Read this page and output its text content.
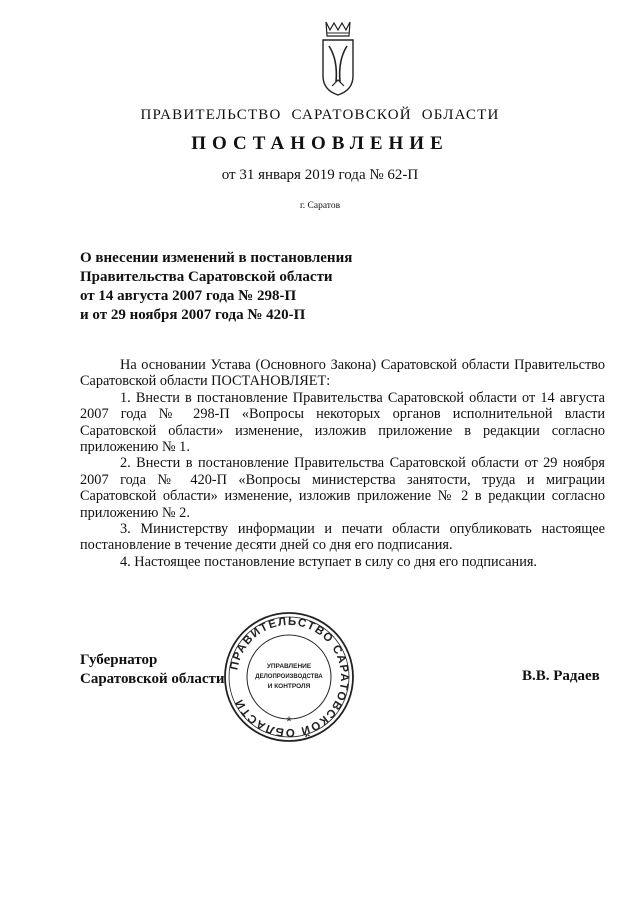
ПРАВИТЕЛЬСТВО САРАТОВСКОЙ ОБЛАСТИ
ПОСТАНОВЛЕНИЕ
от 31 января 2019 года № 62-П
г. Саратов
О внесении изменений в постановления
Правительства Саратовской области
от 14 августа 2007 года № 298-П
и от 29 ноября 2007 года № 420-П

На основании Устава (Основного Закона) Саратовской области Правительство Саратовской области ПОСТАНОВЛЯЕТ:

1. Внести в постановление Правительства Саратовской области от 14 августа 2007 года № 298-П «Вопросы некоторых органов исполнительной власти Саратовской области» изменение, изложив приложение в редакции согласно приложению № 1.

2. Внести в постановление Правительства Саратовской области от 29 ноября 2007 года № 420-П «Вопросы министерства занятости, труда и миграции Саратовской области» изменение, изложив приложение № 2 в редакции согласно приложению № 2.

3. Министерству информации и печати области опубликовать настоящее постановление в течение десяти дней со дня его подписания.

4. Настоящее постановление вступает в силу со дня его подписания.

Губернатор
Саратовской области	В.В. Радаев
ПРАВИТЕЛЬСТВО САРАТОВСКОЙ ОБЛАСТИ
УПРАВЛЕНИЕ
ДЕЛОПРОИЗВОДСТВА
И КОНТРОЛЯ
*
